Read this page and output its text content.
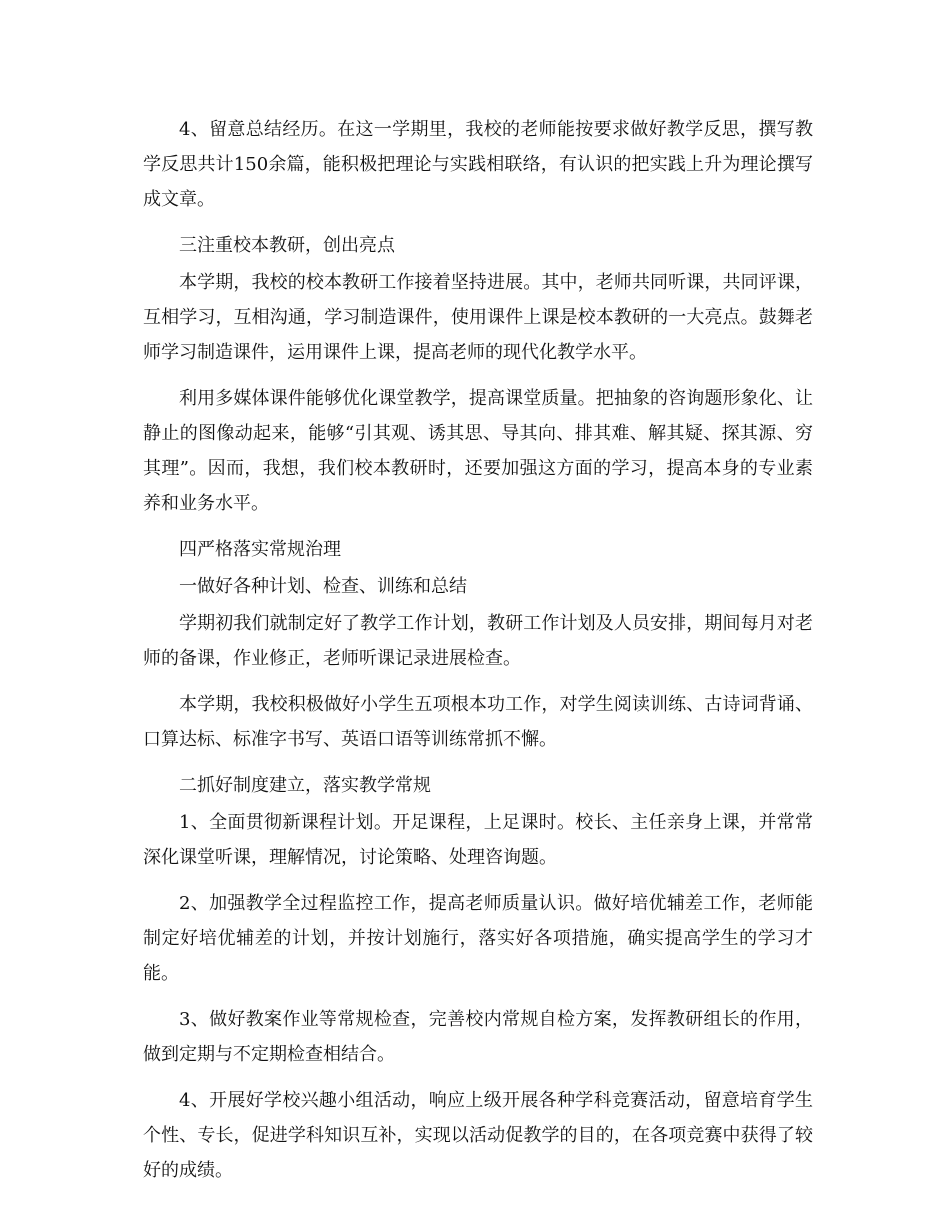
4、留意总结经历。在这一学期里，我校的老师能按要求做好教学反思，撰写教学反思共计150余篇，能积极把理论与实践相联络，有认识的把实践上升为理论撰写成文章。

三注重校本教研，创出亮点

本学期，我校的校本教研工作接着坚持进展。其中，老师共同听课，共同评课，互相学习，互相沟通，学习制造课件，使用课件上课是校本教研的一大亮点。鼓舞老师学习制造课件，运用课件上课，提高老师的现代化教学水平。

利用多媒体课件能够优化课堂教学，提高课堂质量。把抽象的咨询题形象化、让静止的图像动起来，能够“引其观、诱其思、导其向、排其难、解其疑、探其源、穷其理”。因而，我想，我们校本教研时，还要加强这方面的学习，提高本身的专业素养和业务水平。

四严格落实常规治理

一做好各种计划、检查、训练和总结

学期初我们就制定好了教学工作计划，教研工作计划及人员安排，期间每月对老师的备课，作业修正，老师听课记录进展检查。

本学期，我校积极做好小学生五项根本功工作，对学生阅读训练、古诗词背诵、口算达标、标准字书写、英语口语等训练常抓不懈。

二抓好制度建立，落实教学常规

1、全面贯彻新课程计划。开足课程，上足课时。校长、主任亲身上课，并常常深化课堂听课，理解情况，讨论策略、处理咨询题。

2、加强教学全过程监控工作，提高老师质量认识。做好培优辅差工作，老师能制定好培优辅差的计划，并按计划施行，落实好各项措施，确实提高学生的学习才能。

3、做好教案作业等常规检查，完善校内常规自检方案，发挥教研组长的作用，做到定期与不定期检查相结合。

4、开展好学校兴趣小组活动，响应上级开展各种学科竞赛活动，留意培育学生个性、专长，促进学科知识互补，实现以活动促教学的目的，在各项竞赛中获得了较好的成绩。
